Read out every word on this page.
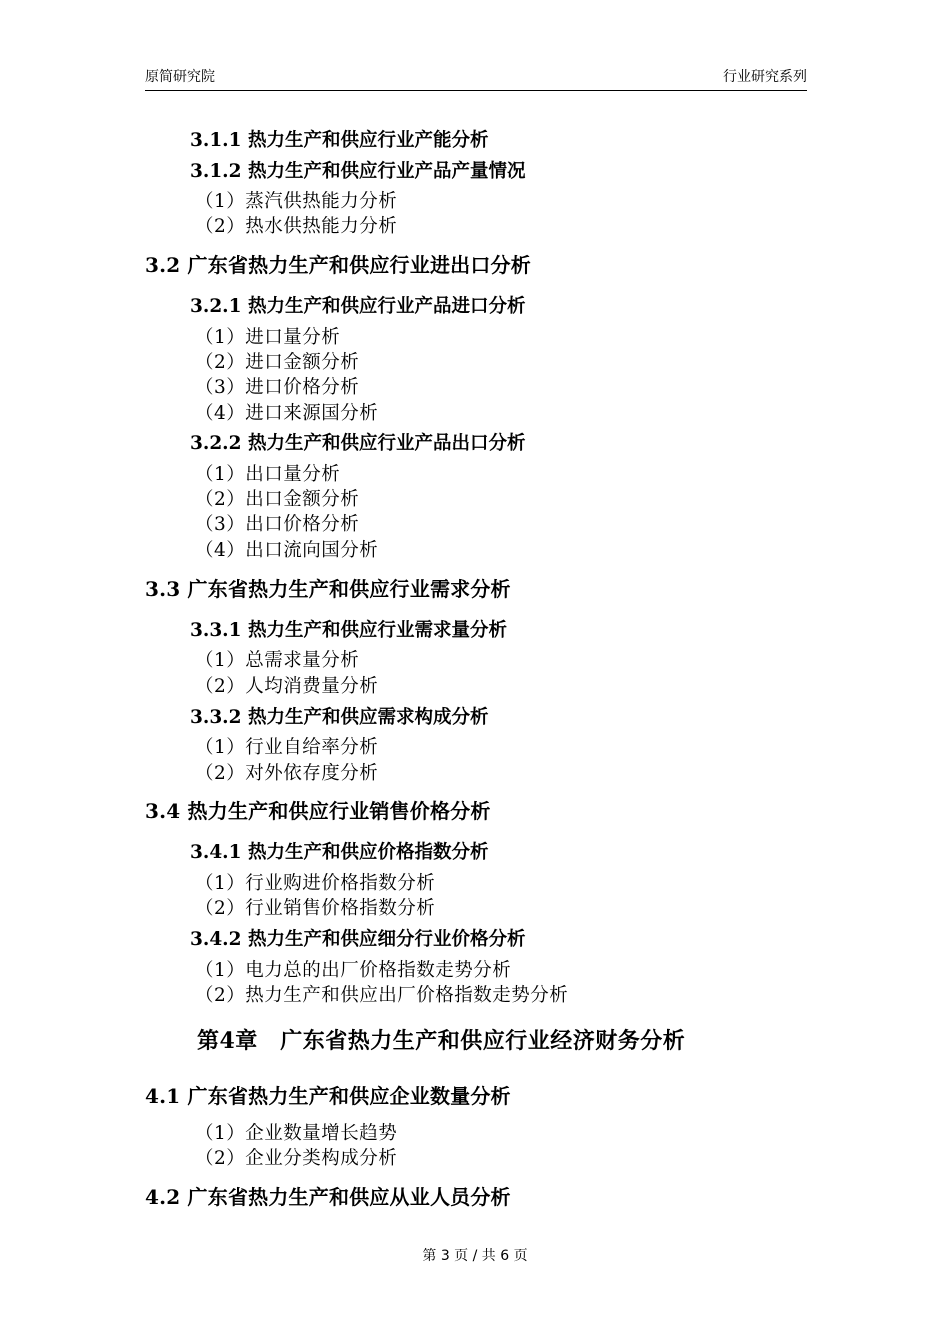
原简研究院	行业研究系列
3.1.1 热力生产和供应行业产能分析
3.1.2 热力生产和供应行业产品产量情况
（1）蒸汽供热能力分析
（2）热水供热能力分析
3.2 广东省热力生产和供应行业进出口分析
3.2.1 热力生产和供应行业产品进口分析
（1）进口量分析
（2）进口金额分析
（3）进口价格分析
（4）进口来源国分析
3.2.2 热力生产和供应行业产品出口分析
（1）出口量分析
（2）出口金额分析
（3）出口价格分析
（4）出口流向国分析
3.3 广东省热力生产和供应行业需求分析
3.3.1 热力生产和供应行业需求量分析
（1）总需求量分析
（2）人均消费量分析
3.3.2 热力生产和供应需求构成分析
（1）行业自给率分析
（2）对外依存度分析
3.4 热力生产和供应行业销售价格分析
3.4.1 热力生产和供应价格指数分析
（1）行业购进价格指数分析
（2）行业销售价格指数分析
3.4.2 热力生产和供应细分行业价格分析
（1）电力总的出厂价格指数走势分析
（2）热力生产和供应出厂价格指数走势分析
第4章　广东省热力生产和供应行业经济财务分析
4.1 广东省热力生产和供应企业数量分析
（1）企业数量增长趋势
（2）企业分类构成分析
4.2 广东省热力生产和供应从业人员分析
第 3 页 / 共 6 页
